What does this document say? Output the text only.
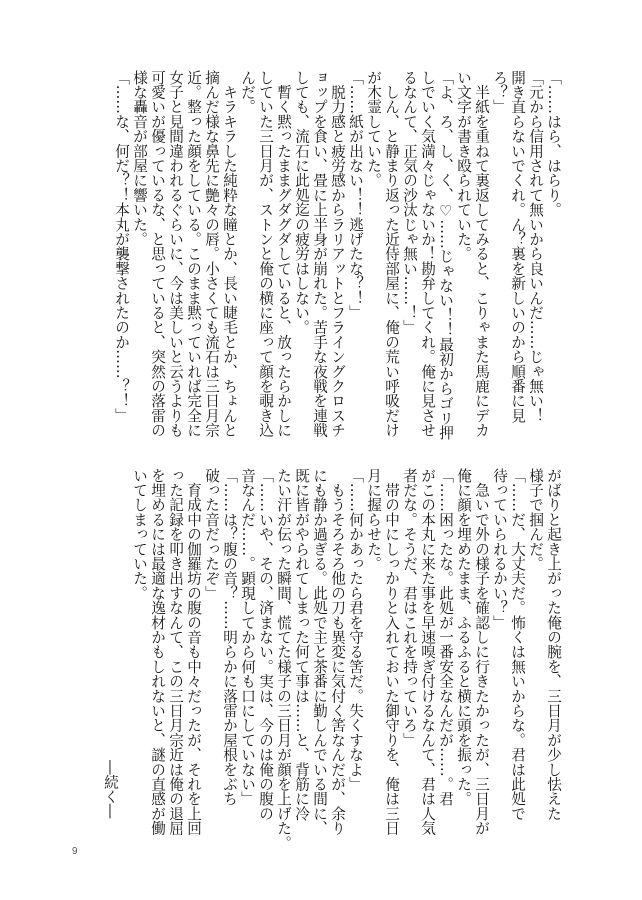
「……はら、はらり。
「元から信用されて無いから良いんだ……じゃ無い！
開き直らないでくれ。ん？裏を新しいのから順番に見
ろ？」
　半紙を重ねて裏返してみると、こりゃまた馬鹿にデカ
い文字が書き殴られていた。
「よ、ろ、し、く、♡……じゃない！！最初からゴリ押
しでいく気満々じゃないか！勘弁してくれ。俺に見させ
るなんて、正気の沙汰じゃ無い……！」
　しん、と静まり返った近侍部屋に、俺の荒い呼吸だけ
が木霊していた。
「……紙が出ない！！逃げたな？！」
　脱力感と疲労感からラリアットとフライングクロスチ
ョップを食い、畳に上半身が崩れた。苦手な夜戦を連戦
しても、流石に此処迄の疲労はしない。
　暫く黙ったままグダグダしていると、放ったらかしに
していた三日月が、ストンと俺の横に座って顔を覗き込
んだ。
　キラキラした純粋な瞳とか、長い睫毛とか、ちょんと
摘んだ様な鼻先に艶々の唇。小さくても流石は三日月宗
近。整った顔をしている。このまま黙っていれば完全に
女子と見間違われるぐらいに、今は美しいと云うよりも
可愛いが優っているな、と思っていると、突然の落雷の
様な轟音が部屋に響いた。
「……な、何だ？！本丸が襲撃されたのか……？！」
がばりと起き上がった俺の腕を、三日月が少し怯えた
様子で掴んだ。
「……だ、大丈夫だ。怖くは無いからな。君は此処で
待っていられるかい？」
　急いで外の様子を確認しに行きたかったが、三日月が
俺に顔を埋めたまま、ふるふると横に頭を振った。
「……困ったな。此処が一番安全なんだが……。君
がこの本丸に来た事を早速嗅ぎ付けるなんて、君は人気
者だな。そうだ、君はこれを持っていろ」
　帯の中にしっかりと入れておいた御守りを、俺は三日
月に握らせた。
「……何かあったら君を守る筈だ。失くすなよ」
　もうそろそろ他の刀も異変に気付く筈なんだが、余り
にも静か過ぎる。此処で主と茶番に勤しんでいる間に、
既に皆がやられてしまった何て事は……と、背筋に冷
たい汗が伝った瞬間、慌てた様子の三日月が顔を上げた。
「……いや、その、済まない。実は、今のは俺の腹の
音なんだ……。顕現してから何も口にしていない」
「……は？腹の音？……明らかに落雷か屋根をぶち
破った音だったぞ」
　育成中の伽羅坊の腹の音も中々だったが、それを上回
った記録を叩き出すなんて、この三日月宗近は俺の退屈
を埋めるには最適な逸材かもしれないと、謎の直感が働
いてしまっていた。
―続く―
9
